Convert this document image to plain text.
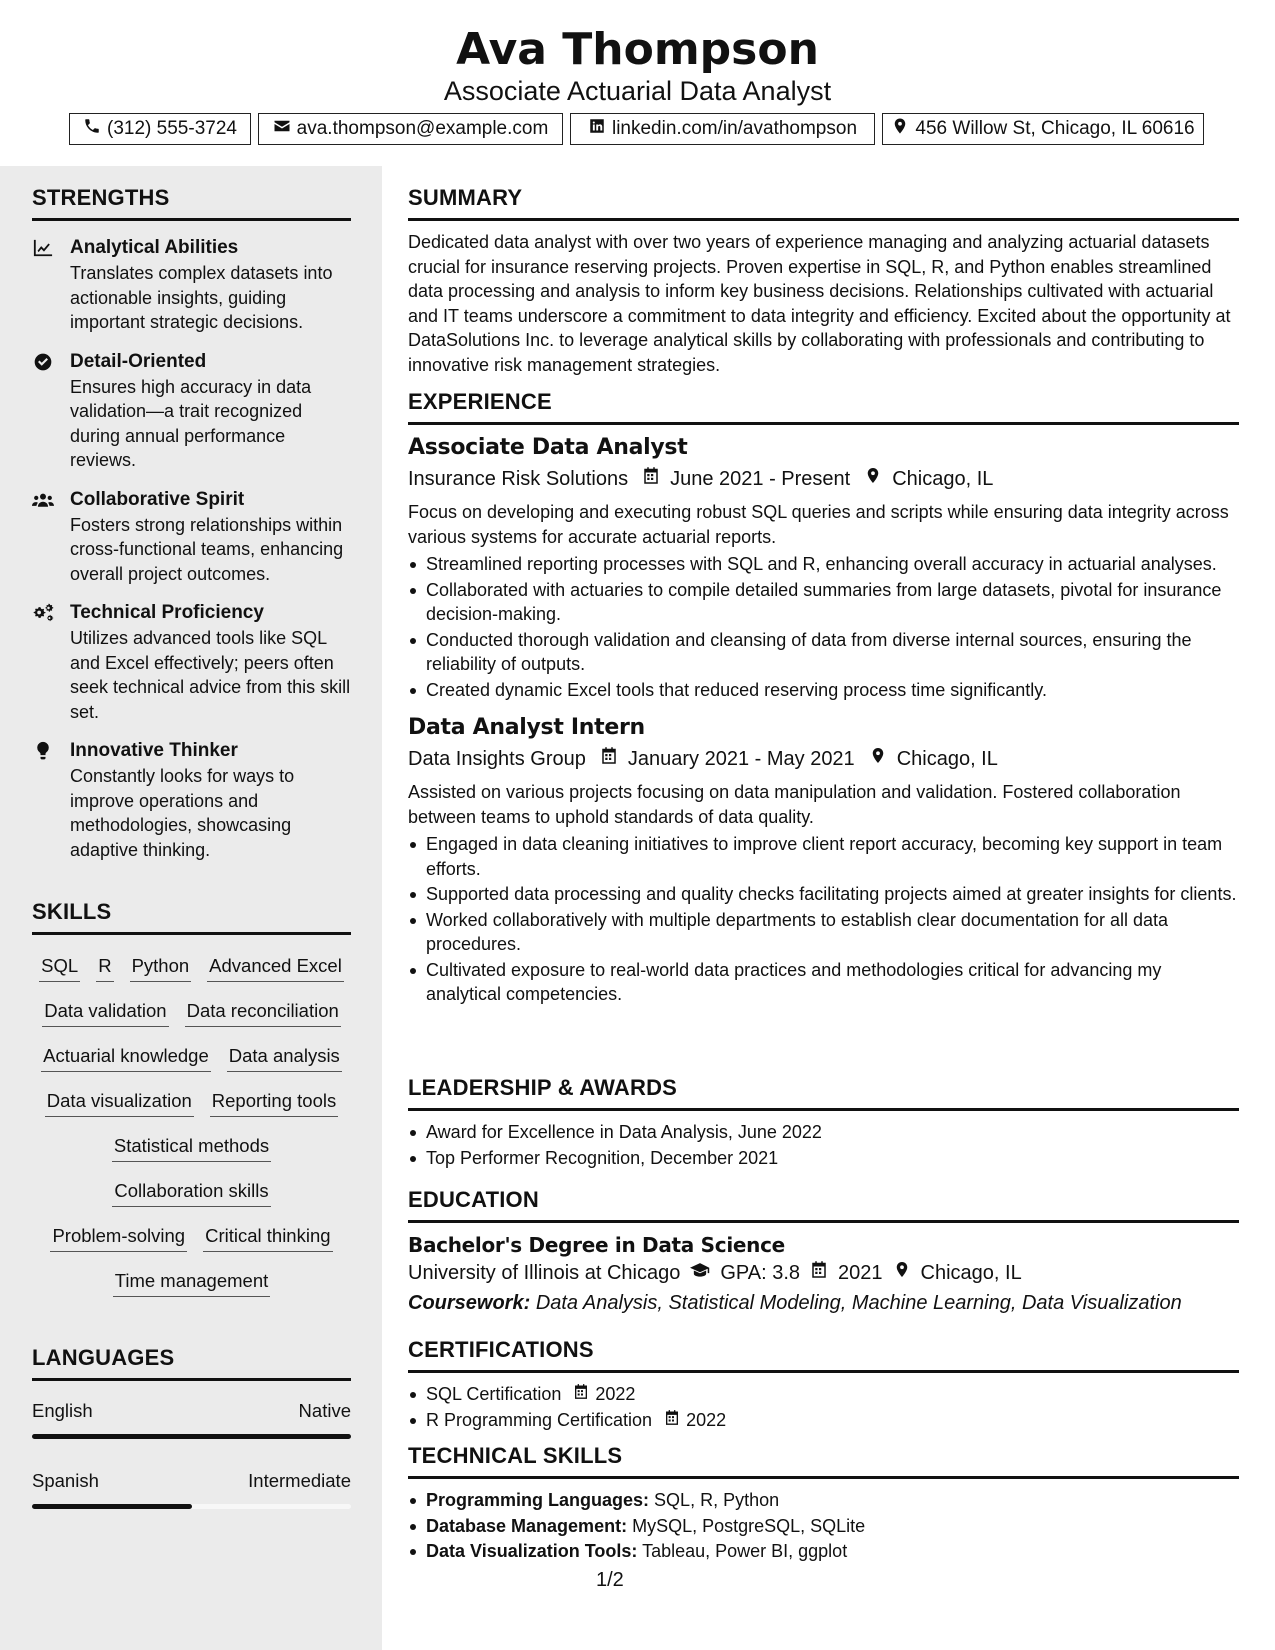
Ava Thompson
Associate Actuarial Data Analyst
(312) 555-3724	ava.thompson@example.com	linkedin.com/in/avathompson	456 Willow St, Chicago, IL 60616
STRENGTHS
Analytical Abilities
Translates complex datasets into actionable insights, guiding important strategic decisions.
Detail-Oriented
Ensures high accuracy in data validation—a trait recognized during annual performance reviews.
Collaborative Spirit
Fosters strong relationships within cross-functional teams, enhancing overall project outcomes.
Technical Proficiency
Utilizes advanced tools like SQL and Excel effectively; peers often seek technical advice from this skill set.
Innovative Thinker
Constantly looks for ways to improve operations and methodologies, showcasing adaptive thinking.
SKILLS
SQL R Python Advanced Excel
Data validation Data reconciliation
Actuarial knowledge Data analysis
Data visualization Reporting tools
Statistical methods
Collaboration skills
Problem-solving Critical thinking
Time management
LANGUAGES
English	Native
Spanish	Intermediate
SUMMARY
Dedicated data analyst with over two years of experience managing and analyzing actuarial datasets crucial for insurance reserving projects. Proven expertise in SQL, R, and Python enables streamlined data processing and analysis to inform key business decisions. Relationships cultivated with actuarial and IT teams underscore a commitment to data integrity and efficiency. Excited about the opportunity at DataSolutions Inc. to leverage analytical skills by collaborating with professionals and contributing to innovative risk management strategies.
EXPERIENCE
Associate Data Analyst
Insurance Risk Solutions June 2021 - Present Chicago, IL
Focus on developing and executing robust SQL queries and scripts while ensuring data integrity across various systems for accurate actuarial reports.
Streamlined reporting processes with SQL and R, enhancing overall accuracy in actuarial analyses.
Collaborated with actuaries to compile detailed summaries from large datasets, pivotal for insurance decision-making.
Conducted thorough validation and cleansing of data from diverse internal sources, ensuring the reliability of outputs.
Created dynamic Excel tools that reduced reserving process time significantly.
Data Analyst Intern
Data Insights Group January 2021 - May 2021 Chicago, IL
Assisted on various projects focusing on data manipulation and validation. Fostered collaboration between teams to uphold standards of data quality.
Engaged in data cleaning initiatives to improve client report accuracy, becoming key support in team efforts.
Supported data processing and quality checks facilitating projects aimed at greater insights for clients.
Worked collaboratively with multiple departments to establish clear documentation for all data procedures.
Cultivated exposure to real-world data practices and methodologies critical for advancing my analytical competencies.
LEADERSHIP & AWARDS
Award for Excellence in Data Analysis, June 2022
Top Performer Recognition, December 2021
EDUCATION
Bachelor's Degree in Data Science
University of Illinois at Chicago GPA: 3.8 2021 Chicago, IL
Coursework: Data Analysis, Statistical Modeling, Machine Learning, Data Visualization
CERTIFICATIONS
SQL Certification 2022
R Programming Certification 2022
TECHNICAL SKILLS
Programming Languages: SQL, R, Python
Database Management: MySQL, PostgreSQL, SQLite
Data Visualization Tools: Tableau, Power BI, ggplot
1/2
